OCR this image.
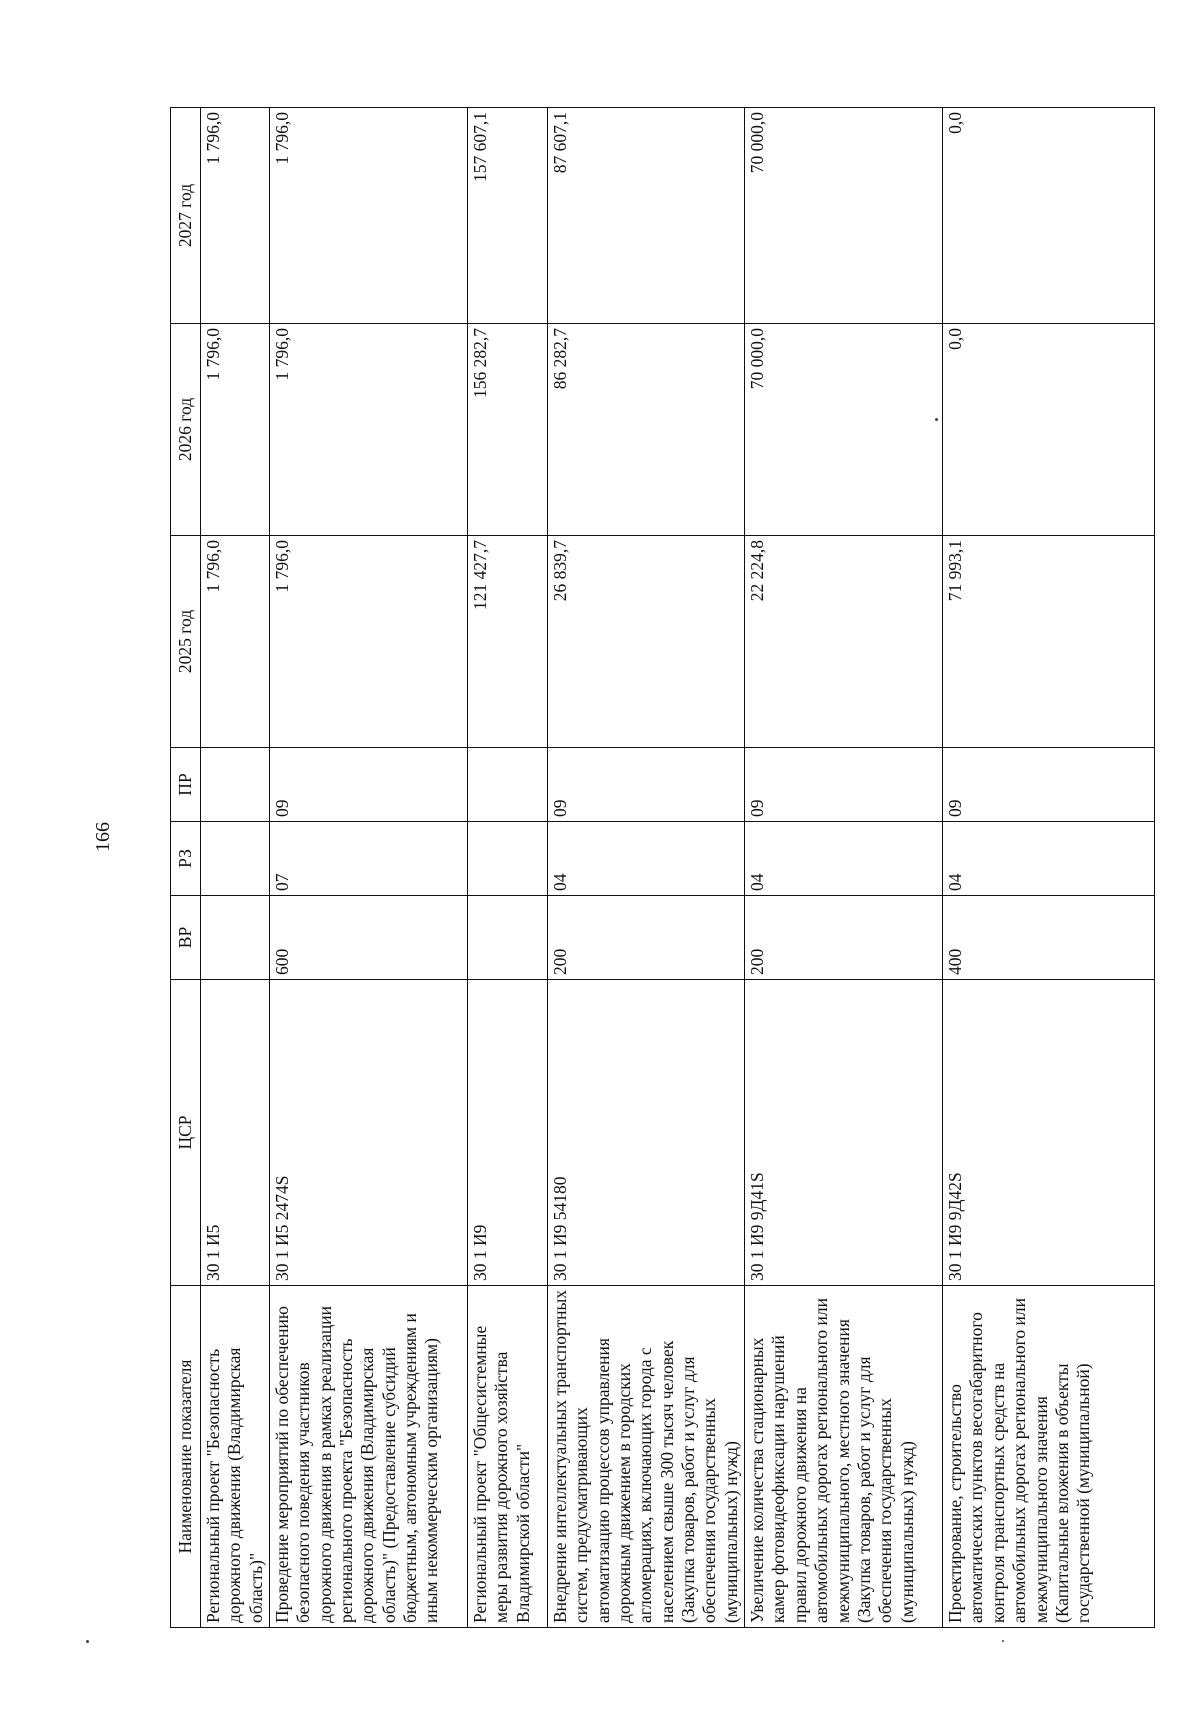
166
Наименование показателя	ЦСР	ВР	РЗ	ПР	2025 год	2026 год	2027 год
Региональный проект "Безопасность дорожного движения (Владимирская область)"	30 1 И5				1 796,0	1 796,0	1 796,0
Проведение мероприятий по обеспечению безопасного поведения участников дорожного движения в рамках реализации регионального проекта "Безопасность дорожного движения (Владимирская область)" (Предоставление субсидий бюджетным, автономным учреждениям и иным некоммерческим организациям)	30 1 И5 2474S	600	07	09	1 796,0	1 796,0	1 796,0
Региональный проект "Общесистемные меры развития дорожного хозяйства Владимирской области"	30 1 И9				121 427,7	156 282,7	157 607,1
Внедрение интеллектуальных транспортных систем, предусматривающих автоматизацию процессов управления дорожным движением в городских агломерациях, включающих города с населением свыше 300 тысяч человек (Закупка товаров, работ и услуг для обеспечения государственных (муниципальных) нужд)	30 1 И9 54180	200	04	09	26 839,7	86 282,7	87 607,1
Увеличение количества стационарных камер фотовидеофиксации нарушений правил дорожного движения на автомобильных дорогах регионального или межмуниципального, местного значения (Закупка товаров, работ и услуг для обеспечения государственных (муниципальных) нужд)	30 1 И9 9Д41S	200	04	09	22 224,8	70 000,0	70 000,0
Проектирование, строительство автоматических пунктов весогабаритного контроля транспортных средств на автомобильных дорогах регионального или межмуниципального значения (Капитальные вложения в объекты государственной (муниципальной)	30 1 И9 9Д42S	400	04	09	71 993,1	0,0	0,0
